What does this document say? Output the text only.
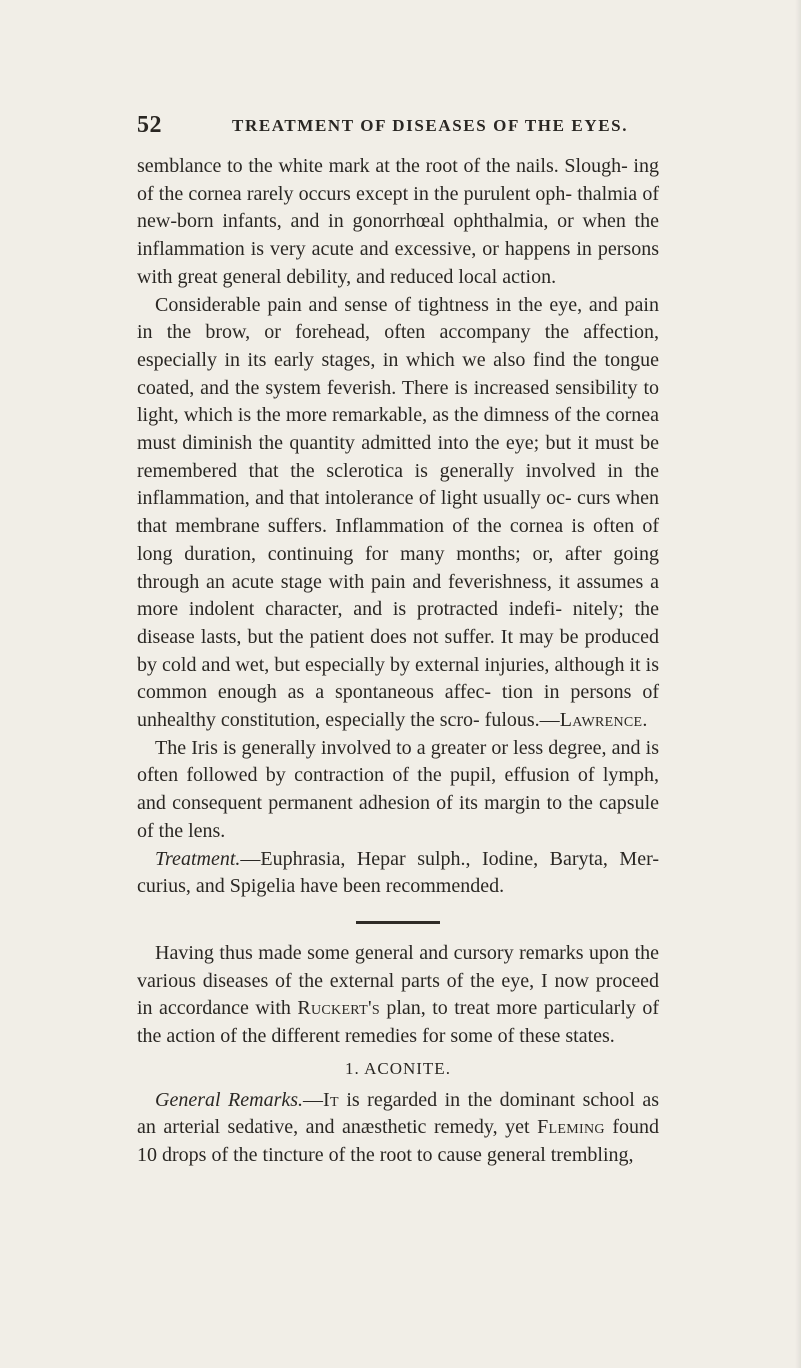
52	TREATMENT OF DISEASES OF THE EYES.

semblance to the white mark at the root of the nails. Slough- ing of the cornea rarely occurs except in the purulent oph- thalmia of new-born infants, and in gonorrhœal ophthalmia, or when the inflammation is very acute and excessive, or happens in persons with great general debility, and reduced local action.

Considerable pain and sense of tightness in the eye, and pain in the brow, or forehead, often accompany the affection, especially in its early stages, in which we also find the tongue coated, and the system feverish. There is increased sensibility to light, which is the more remarkable, as the dimness of the cornea must diminish the quantity admitted into the eye; but it must be remembered that the sclerotica is generally involved in the inflammation, and that intolerance of light usually oc- curs when that membrane suffers. Inflammation of the cornea is often of long duration, continuing for many months; or, after going through an acute stage with pain and feverishness, it assumes a more indolent character, and is protracted indefi- nitely; the disease lasts, but the patient does not suffer. It may be produced by cold and wet, but especially by external injuries, although it is common enough as a spontaneous affec- tion in persons of unhealthy constitution, especially the scro- fulous.—Lawrence.

The Iris is generally involved to a greater or less degree, and is often followed by contraction of the pupil, effusion of lymph, and consequent permanent adhesion of its margin to the capsule of the lens.

Treatment.—Euphrasia, Hepar sulph., Iodine, Baryta, Mer- curius, and Spigelia have been recommended.

Having thus made some general and cursory remarks upon the various diseases of the external parts of the eye, I now proceed in accordance with Ruckert's plan, to treat more particularly of the action of the different remedies for some of these states.

1. ACONITE.

General Remarks.—It is regarded in the dominant school as an arterial sedative, and anæsthetic remedy, yet Fleming found 10 drops of the tincture of the root to cause general trembling,
